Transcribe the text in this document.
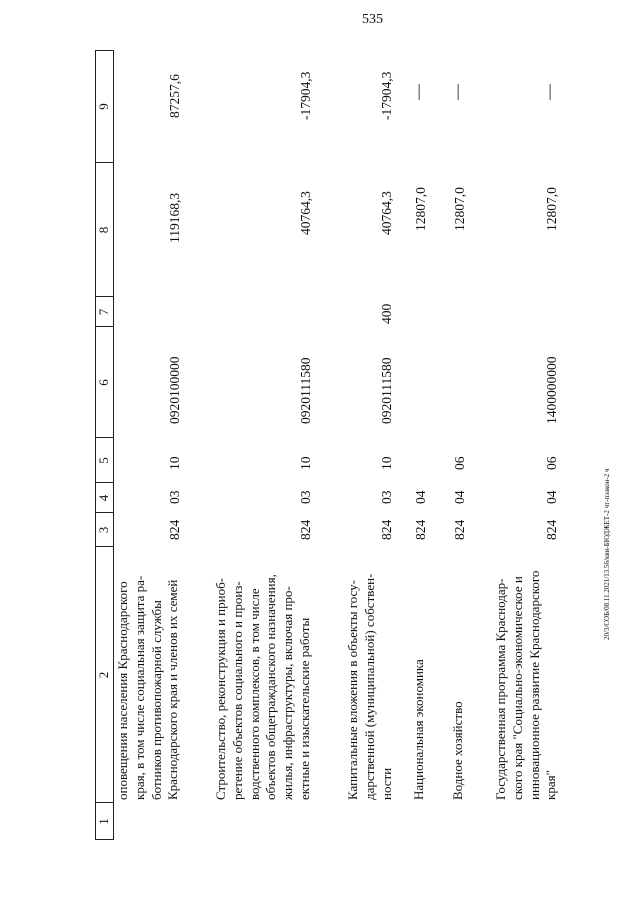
535
20/3/СОБ/08.11.2021/13.56/кви-БЮДЖЕТ-2 чт-пзакон-2 ч
1
2
3
4
5
6
7
8
9
оповещения населения Краснодарского
края, в том числе социальная защита ра-
ботников противопожарной службы
Краснодарского края и членов их семей
824
03
10
0920100000
119168,3
87257,6
Строительство, реконструкция и приоб-
ретение объектов социального и произ-
водственного комплексов, в том числе
объектов общегражданского назначения,
жилья, инфраструктуры, включая про-
ектные и изыскательские работы
824
03
10
0920111580
40764,3
-17904,3
Капитальные вложения в объекты госу-
дарственной (муниципальной) собствен-
ности
824
03
10
0920111580
400
40764,3
-17904,3
Национальная экономика
824
04
12807,0
—
Водное хозяйство
824
04
06
12807,0
—
Государственная программа Краснодар-
ского края "Социально-экономическое и
инновационное развитие Краснодарского
края"
824
04
06
1400000000
12807,0
—
